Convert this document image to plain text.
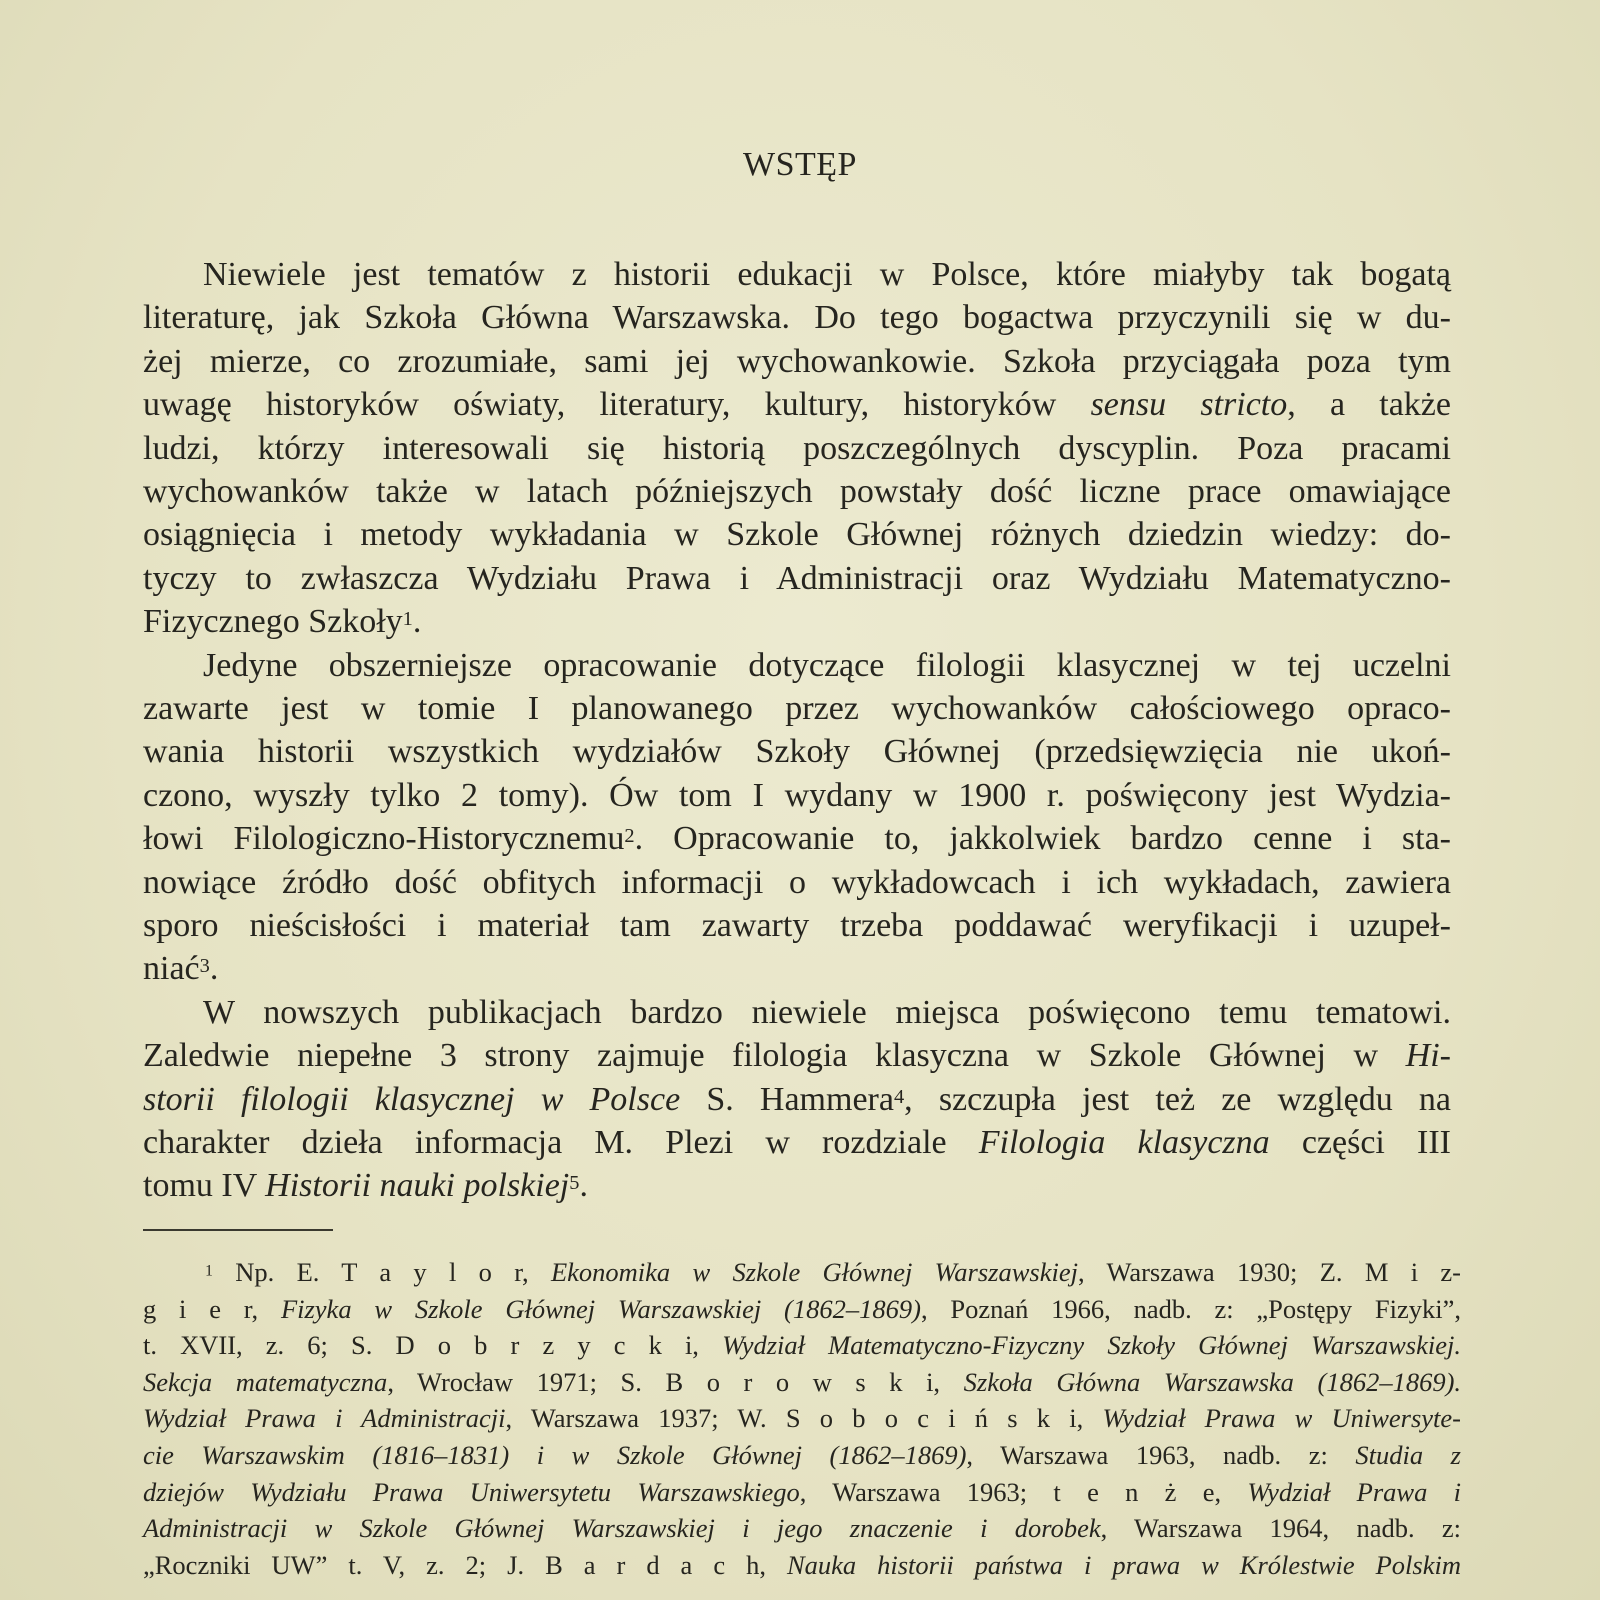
WSTĘP
Niewiele jest tematów z historii edukacji w Polsce, które miałyby tak bogatą
literaturę, jak Szkoła Główna Warszawska. Do tego bogactwa przyczynili się w du-
żej mierze, co zrozumiałe, sami jej wychowankowie. Szkoła przyciągała poza tym
uwagę historyków oświaty, literatury, kultury, historyków sensu stricto, a także
ludzi, którzy interesowali się historią poszczególnych dyscyplin. Poza pracami
wychowanków także w latach późniejszych powstały dość liczne prace omawiające
osiągnięcia i metody wykładania w Szkole Głównej różnych dziedzin wiedzy: do-
tyczy to zwłaszcza Wydziału Prawa i Administracji oraz Wydziału Matematyczno-
Fizycznego Szkoły$^1$.
Jedyne obszerniejsze opracowanie dotyczące filologii klasycznej w tej uczelni
zawarte jest w tomie I planowanego przez wychowanków całościowego opraco-
wania historii wszystkich wydziałów Szkoły Głównej (przedsięwzięcia nie ukoń-
czono, wyszły tylko 2 tomy). Ów tom I wydany w 1900 r. poświęcony jest Wydzia-
łowi Filologiczno-Historycznemu$^2$. Opracowanie to, jakkolwiek bardzo cenne i sta-
nowiące źródło dość obfitych informacji o wykładowcach i ich wykładach, zawiera
sporo nieścisłości i materiał tam zawarty trzeba poddawać weryfikacji i uzupeł-
niać$^3$.
W nowszych publikacjach bardzo niewiele miejsca poświęcono temu tematowi.
Zaledwie niepełne 3 strony zajmuje filologia klasyczna w Szkole Głównej w Hi-
storii filologii klasycznej w Polsce S. Hammera$^4$, szczupła jest też ze względu na
charakter dzieła informacja M. Plezi w rozdziale Filologia klasyczna części III
tomu IV Historii nauki polskiej$^5$.
$^1$ Np. E. T a y l o r, Ekonomika w Szkole Głównej Warszawskiej, Warszawa 1930; Z. M i z-
g i e r, Fizyka w Szkole Głównej Warszawskiej (1862–1869), Poznań 1966, nadb. z: „Postępy Fizyki”,
t. XVII, z. 6; S. D o b r z y c k i, Wydział Matematyczno-Fizyczny Szkoły Głównej Warszawskiej.
Sekcja matematyczna, Wrocław 1971; S. B o r o w s k i, Szkoła Główna Warszawska (1862–1869).
Wydział Prawa i Administracji, Warszawa 1937; W. S o b o c i ń s k i, Wydział Prawa w Uniwersyte-
cie Warszawskim (1816–1831) i w Szkole Głównej (1862–1869), Warszawa 1963, nadb. z: Studia z
dziejów Wydziału Prawa Uniwersytetu Warszawskiego, Warszawa 1963; t e n ż e, Wydział Prawa i
Administracji w Szkole Głównej Warszawskiej i jego znaczenie i dorobek, Warszawa 1964, nadb. z:
„Roczniki UW” t. V, z. 2; J. B a r d a c h, Nauka historii państwa i prawa w Królestwie Polskim
